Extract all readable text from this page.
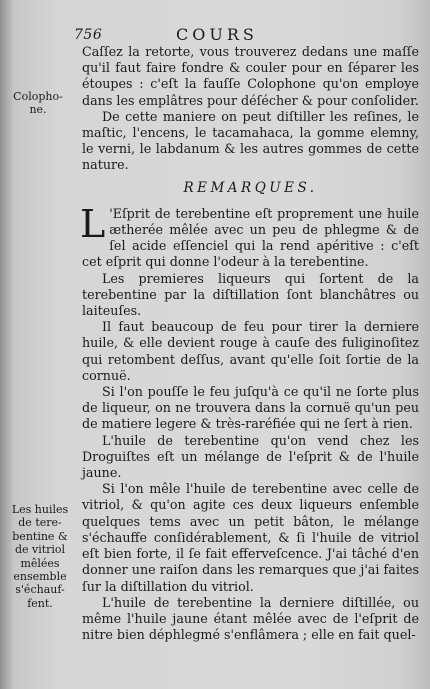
756	COURS
Colopho-
ne.
Les huiles
de tere-
bentine &
de vitriol
mêlées
ensemble
s'échauf-
fent.

Caſſez la retorte, vous trouverez dedans une maſſe qu'il faut faire fondre & couler pour en ſéparer les étoupes : c'eſt la fauſſe Colophone qu'on employe dans les emplâtres pour déſécher & pour conſolider.

De cette maniere on peut diſtiller les reſines, le maſtic, l'encens, le tacamahaca, la gomme elemny, le verni, le labdanum & les autres gommes de cette nature.

REMARQUES.

L 'Eſprit de terebentine eſt proprement une huile ætherée mêlée avec un peu de phlegme & de ſel acide eſſenciel qui la rend apéritive : c'eſt cet eſprit qui donne l'odeur à la terebentine.

Les premieres liqueurs qui ſortent de la terebentine par la diſtillation ſont blanchâtres ou laiteuſes.

Il faut beaucoup de feu pour tirer la derniere huile, & elle devient rouge à cauſe des fuliginoſitez qui retombent deſſus, avant qu'elle ſoit ſortie de la cornuë.

Si l'on pouſſe le feu juſqu'à ce qu'il ne ſorte plus de liqueur, on ne trouvera dans la cornuë qu'un peu de matiere legere & très-raréfiée qui ne ſert à rien.

L'huile de terebentine qu'on vend chez les Droguiſtes eſt un mélange de l'eſprit & de l'huile jaune.

Si l'on mêle l'huile de terebentine avec celle de vitriol, & qu'on agite ces deux liqueurs enſemble quelques tems avec un petit bâton, le mélange s'échauffe conſidérablement, & ſi l'huile de vitriol eſt bien forte, il ſe fait effervеſcence. J'ai tâché d'en donner une raiſon dans les remarques que j'ai faites ſur la diſtillation du vitriol.

L'huile de terebentine la derniere diſtillée, ou même l'huile jaune étant mêlée avec de l'eſprit de nitre bien déphlegmé s'enflâmera ; elle en fait quel-
